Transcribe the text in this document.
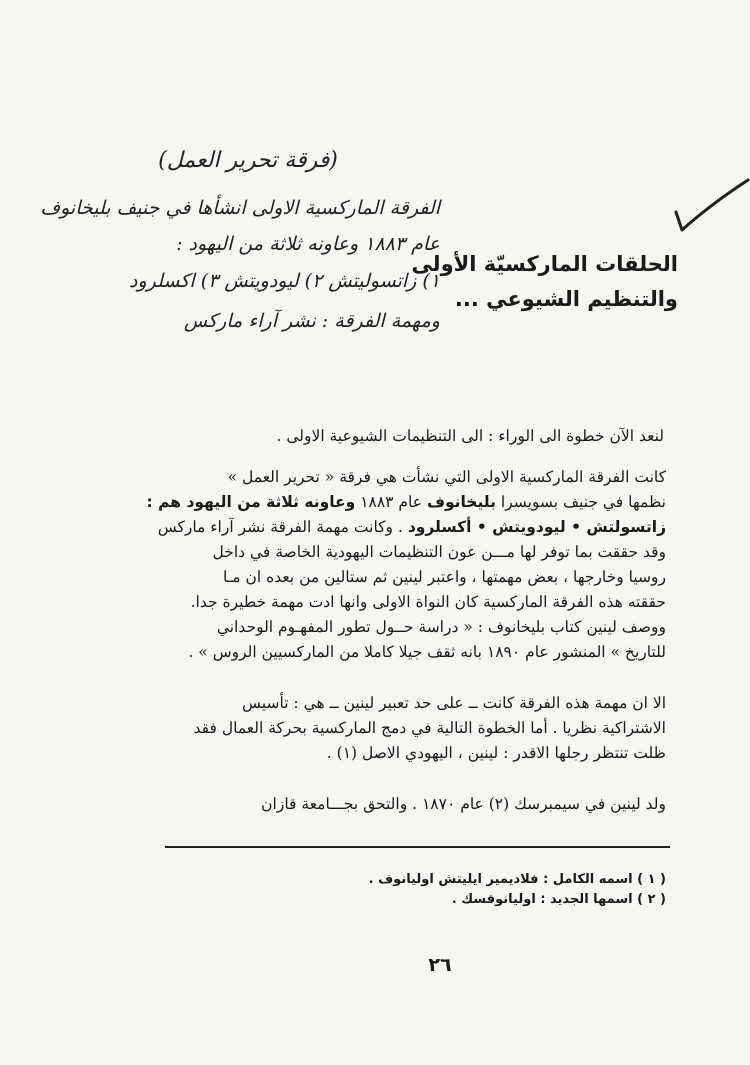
(فرقة تحرير العمل)
الفرقة الماركسية الاولى انشأها في جنيف بليخانوف
عام ١٨٨٣ وعاونه ثلاثة من اليهود :
١) زاتسوليتش ٢) ليودويتش ٣) اكسلرود
ومهمة الفرقة : نشر آراء ماركس
الحلقات الماركسيّة الأولى
والتنظيم الشيوعي ...
لنعد الآن خطوة الى الوراء : الى التنظيمات الشيوعية الاولى .
كانت الفرقة الماركسية الاولى التي نشأت هي فرقة « تحرير العمل »
نظمها في جنيف بسويسرا بليخانوف عام ١٨٨٣ وعاونه ثلاثة من اليهود هم :
زاتسولتش • ليودويتش • أكسلرود . وكانت مهمة الفرقة نشر آراء ماركس
وقد حققت بما توفر لها مـــن عون التنظيمات اليهودية الخاصة في داخل
روسيا وخارجها ، بعض مهمتها ، واعتبر لينين ثم ستالين من بعده ان مـا
حققته هذه الفرقة الماركسية كان النواة الاولى وانها ادت مهمة خطيرة جدا.
ووصف لينين كتاب بليخانوف : « دراسة حــول تطور المفهـوم الوحداني
للتاريخ » المنشور عام ١٨٩٠ بانه ثقف جيلا كاملا من الماركسيين الروس » .
الا ان مهمة هذه الفرقة كانت ــ على حد تعبير لينين ــ هي : تأسيس
الاشتراكية نظريا . أما الخطوة التالية في دمج الماركسية بحركة العمال فقد
ظلت تنتظر رجلها الاقدر : لينين ، اليهودي الاصل (١) .
ولد لينين في سيمبرسك (٢) عام ١٨٧٠ . والتحق بجـــامعة قازان
( ١ ) اسمه الكامل : فلاديمير ايليتش اوليانوف .
( ٢ ) اسمها الجديد : اوليانوفسك .
٢٦
